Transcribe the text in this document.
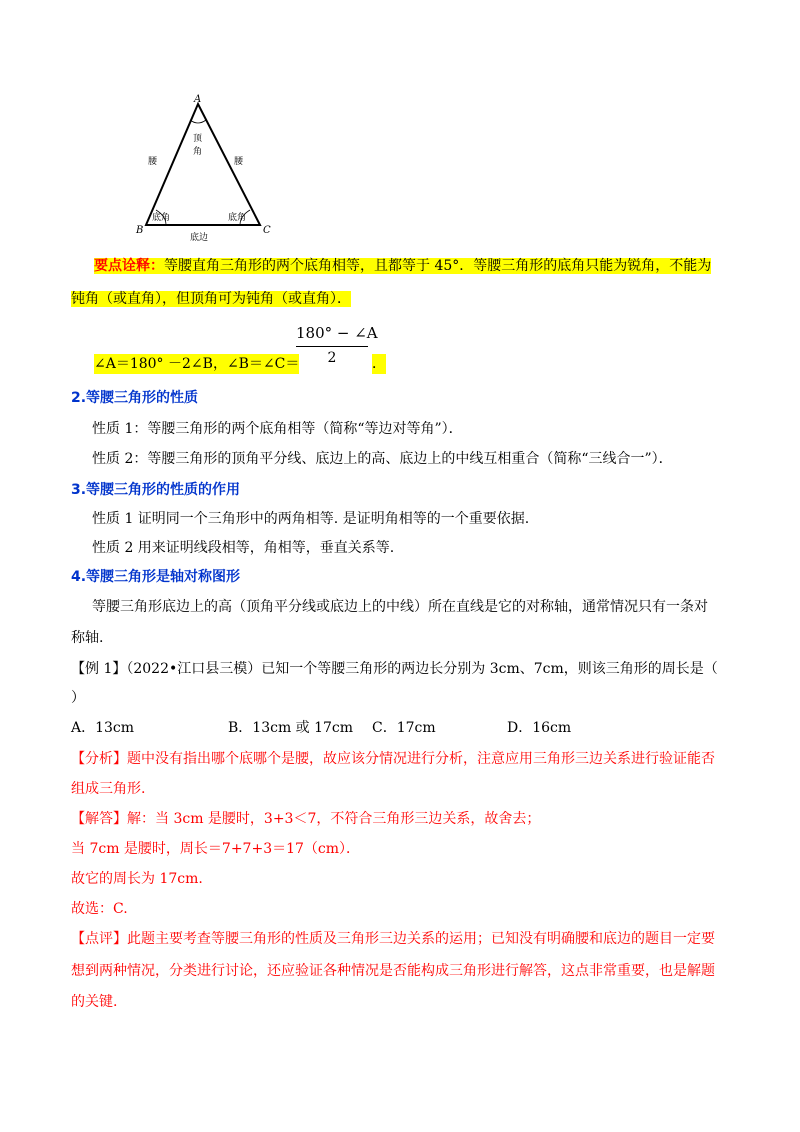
A
B	C
顶
角
腰	腰
底角	底角
底边
要点诠释：等腰直角三角形的两个底角相等，且都等于 45°．等腰三角形的底角只能为锐角，不能为
钝角（或直角），但顶角可为钝角（或直角）．
∠A＝180° －2∠B，∠B＝∠C＝
180° − ∠A
2	．
2.等腰三角形的性质
性质 1：等腰三角形的两个底角相等（简称“等边对等角”）．
性质 2：等腰三角形的顶角平分线、底边上的高、底边上的中线互相重合（简称“三线合一”）．
3.等腰三角形的性质的作用
性质 1 证明同一个三角形中的两角相等. 是证明角相等的一个重要依据.
性质 2 用来证明线段相等，角相等，垂直关系等.
4.等腰三角形是轴对称图形
等腰三角形底边上的高（顶角平分线或底边上的中线）所在直线是它的对称轴，通常情况只有一条对
称轴.
【例 1】（2022•江口县三模）已知一个等腰三角形的两边长分别为 3cm、7cm，则该三角形的周长是（
）
A．13cm	B．13cm 或 17cm C．17cm	D．16cm
【分析】题中没有指出哪个底哪个是腰，故应该分情况进行分析，注意应用三角形三边关系进行验证能否
组成三角形.
【解答】解：当 3cm 是腰时，3+3＜7，不符合三角形三边关系，故舍去；
当 7cm 是腰时，周长＝7+7+3＝17（cm）．
故它的周长为 17cm.
故选：C.
【点评】此题主要考查等腰三角形的性质及三角形三边关系的运用；已知没有明确腰和底边的题目一定要
想到两种情况，分类进行讨论，还应验证各种情况是否能构成三角形进行解答，这点非常重要，也是解题
的关键.
